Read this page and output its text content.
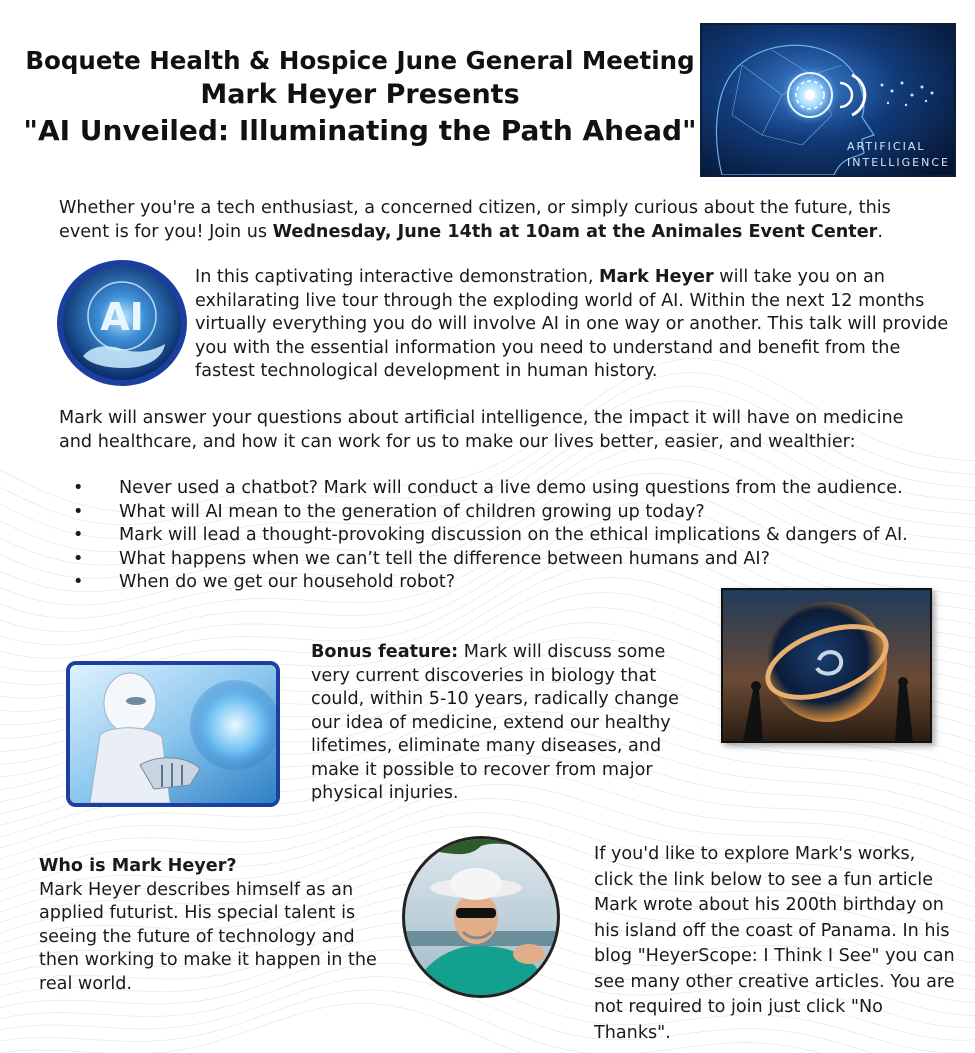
Boquete Health & Hospice June General Meeting
Mark Heyer Presents
"AI Unveiled: Illuminating the Path Ahead"	ARTIFICIAL
INTELLIGENCE
Whether you're a tech enthusiast, a concerned citizen, or simply curious about the future, this event is for you! Join us Wednesday, June 14th at 10am at the Animales Event Center.
AI
In this captivating interactive demonstration, Mark Heyer will take you on an exhilarating live tour through the exploding world of AI. Within the next 12 months virtually everything you do will involve AI in one way or another. This talk will provide you with the essential information you need to understand and benefit from the fastest technological development in human history.
Mark will answer your questions about artificial intelligence, the impact it will have on medicine and healthcare, and how it can work for us to make our lives better, easier, and wealthier:
• Never used a chatbot? Mark will conduct a live demo using questions from the audience.
• What will AI mean to the generation of children growing up today?
• Mark will lead a thought-provoking discussion on the ethical implications & dangers of AI.
• What happens when we can’t tell the difference between humans and AI?
• When do we get our household robot?
Bonus feature: Mark will discuss some very current discoveries in biology that could, within 5-10 years, radically change our idea of medicine, extend our healthy lifetimes, eliminate many diseases, and make it possible to recover from major physical injuries.
Who is Mark Heyer?
Mark Heyer describes himself as an applied futurist. His special talent is seeing the future of technology and then working to make it happen in the real world.
If you'd like to explore Mark's works, click the link below to see a fun article Mark wrote about his 200th birthday on his island off the coast of Panama. In his blog "HeyerScope: I Think I See" you can see many other creative articles. You are not required to join just click "No Thanks".
